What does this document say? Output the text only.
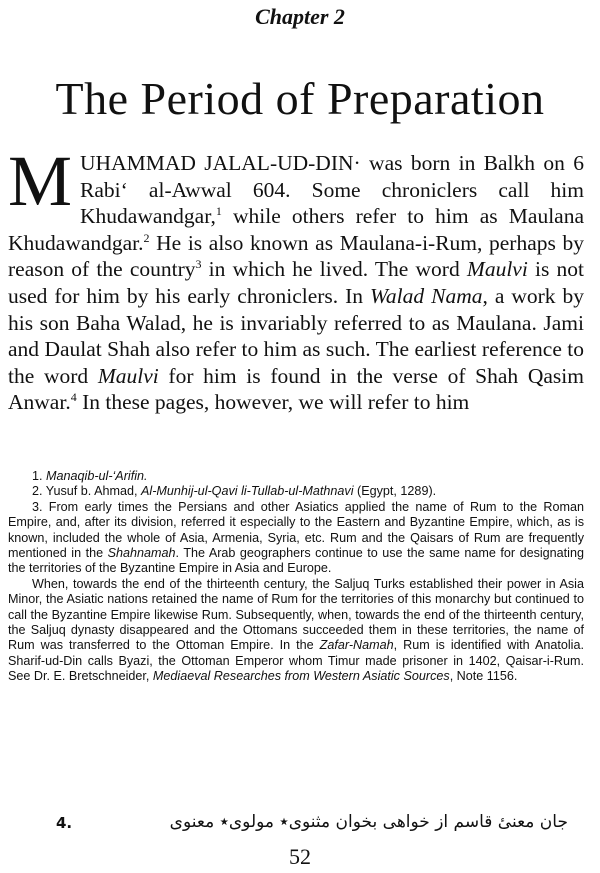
Chapter 2
The Period of Preparation
MUHAMMAD JALAL-UD-DIN· was born in Balkh on 6 Rabi‘ al-Awwal 604. Some chroniclers call him Khudawandgar,$^1$ while others refer to him as Maulana Khudawandgar.$^2$ He is also known as Maulana-i-Rum, perhaps by reason of the country$^3$ in which he lived. The word Maulvi is not used for him by his early chroniclers. In Walad Nama, a work by his son Baha Walad, he is invariably referred to as Maulana. Jami and Daulat Shah also refer to him as such. The earliest reference to the word Maulvi for him is found in the verse of Shah Qasim Anwar.$^4$ In these pages, however, we will refer to him

1. Manaqib-ul-‘Arifin.

2. Yusuf b. Ahmad, Al-Munhij-ul-Qavi li-Tullab-ul-Mathnavi (Egypt, 1289).

3. From early times the Persians and other Asiatics applied the name of Rum to the Roman Empire, and, after its division, referred it especially to the Eastern and Byzantine Empire, which, as is known, included the whole of Asia, Armenia, Syria, etc. Rum and the Qaisars of Rum are frequently mentioned in the Shahnamah. The Arab geographers continue to use the same name for designating the territories of the Byzantine Empire in Asia and Europe.

When, towards the end of the thirteenth century, the Saljuq Turks established their power in Asia Minor, the Asiatic nations retained the name of Rum for the territories of this monarchy but continued to call the Byzantine Empire likewise Rum. Subsequently, when, towards the end of the thirteenth century, the Saljuq dynasty disappeared and the Ottomans succeeded them in these territories, the name of Rum was transferred to the Ottoman Empire. In the Zafar-Namah, Rum is identified with Anatolia. Sharif-ud-Din calls Byazi, the Ottoman Emperor whom Timur made prisoner in 1402, Qaisar-i-Rum. See Dr. E. Bretschneider, Mediaeval Researches from Western Asiatic Sources, Note 1156.

4.	جان معنیٔ قاسم از خواهی بخوان مثنوی٭ مولوی٭ معنوی
52
